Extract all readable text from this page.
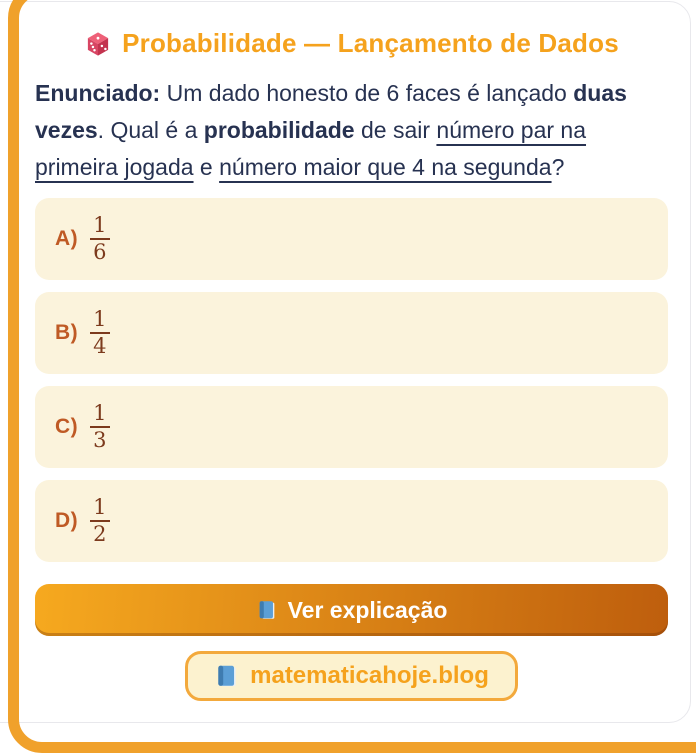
Probabilidade — Lançamento de Dados

Enunciado: Um dado honesto de 6 faces é lançado duas vezes. Qual é a probabilidade de sair número par na primeira jogada e número maior que 4 na segunda?

$A) \frac{1}{6}$
$B) \frac{1}{4}$
$C) \frac{1}{3}$
$D) \frac{1}{2}$
Ver explicação
matematicahoje.blog
